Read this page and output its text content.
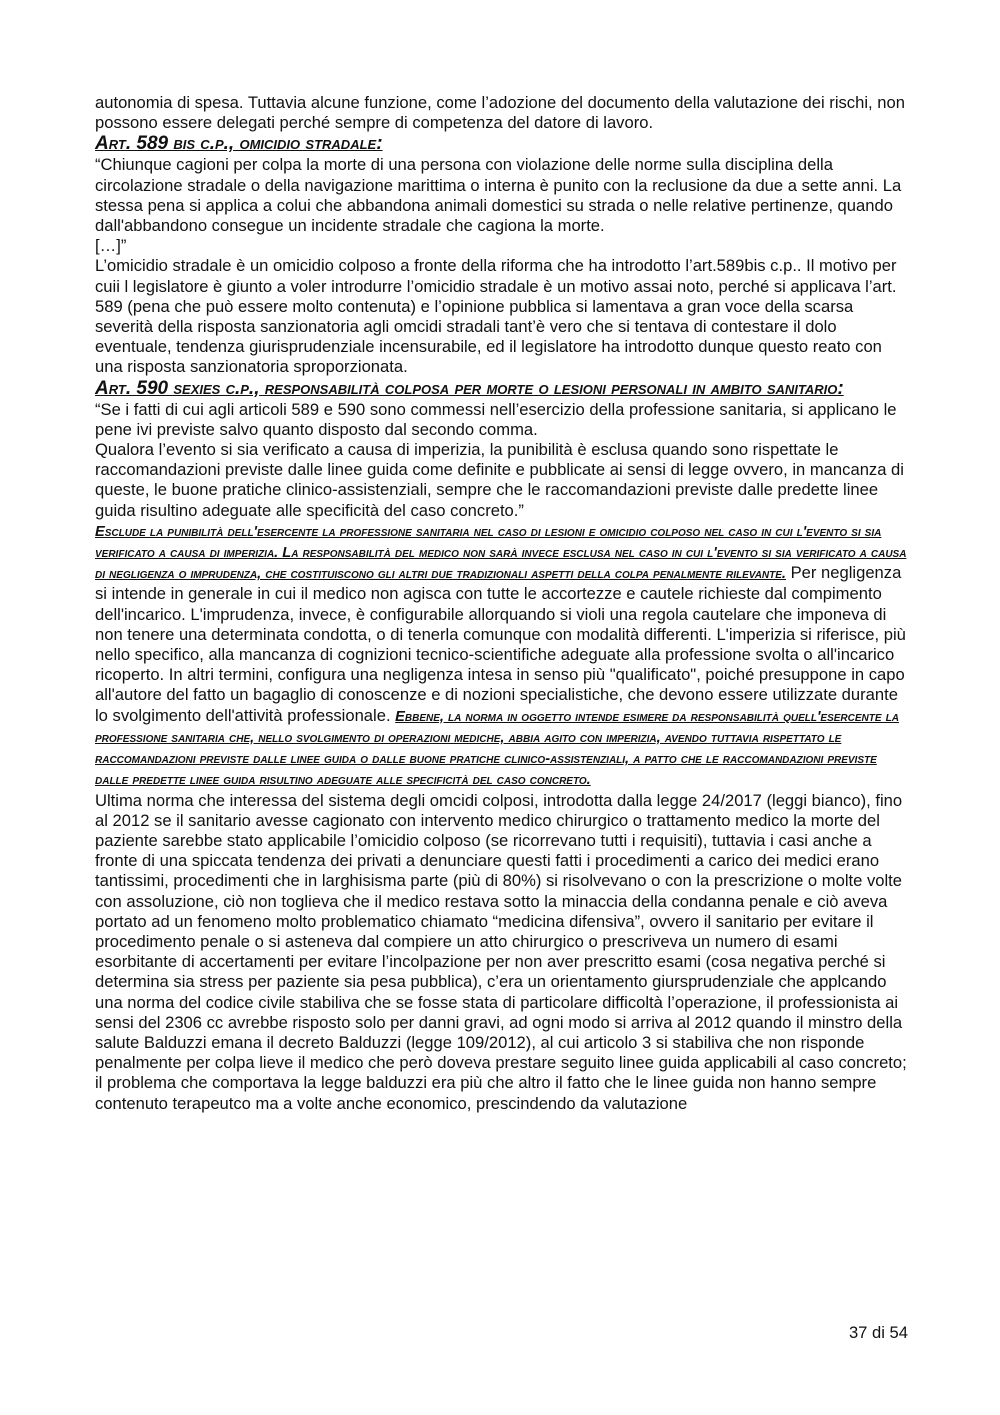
autonomia di spesa. Tuttavia alcune funzione, come l’adozione del documento della valutazione dei rischi, non possono essere delegati perché sempre di competenza del datore di lavoro.

Art. 589 bis c.p., omicidio stradale:

“Chiunque cagioni per colpa la morte di una persona con violazione delle norme sulla disciplina della circolazione stradale o della navigazione marittima o interna è punito con la reclusione da due a sette anni. La stessa pena si applica a colui che abbandona animali domestici su strada o nelle relative pertinenze, quando dall'abbandono consegue un incidente stradale che cagiona la morte.

[…]”

L’omicidio stradale è un omicidio colposo a fronte della riforma che ha introdotto l’art.589bis c.p.. Il motivo per cuii l legislatore è giunto a voler introdurre l’omicidio stradale è un motivo assai noto, perché si applicava l’art. 589 (pena che può essere molto contenuta) e l’opinione pubblica si lamentava a gran voce della scarsa severità della risposta sanzionatoria agli omcidi stradali tant’è vero che si tentava di contestare il dolo eventuale, tendenza giurisprudenziale incensurabile, ed il legislatore ha introdotto dunque questo reato con una risposta sanzionatoria sproporzionata.

Art. 590 sexies c.p., responsabilità colposa per morte o lesioni personali in ambito sanitario:

“Se i fatti di cui agli articoli 589 e 590 sono commessi nell’esercizio della professione sanitaria, si applicano le pene ivi previste salvo quanto disposto dal secondo comma.

Qualora l’evento si sia verificato a causa di imperizia, la punibilità è esclusa quando sono rispettate le raccomandazioni previste dalle linee guida come definite e pubblicate ai sensi di legge ovvero, in mancanza di queste, le buone pratiche clinico-assistenziali, sempre che le raccomandazioni previste dalle predette linee guida risultino adeguate alle specificità del caso concreto.”

Esclude la punibilità dell'esercente la professione sanitaria nel caso di lesioni e omicidio colposo nel caso in cui l'evento si sia verificato a causa di imperizia. La responsabilità del medico non sarà invece esclusa nel caso in cui l'evento si sia verificato a causa di negligenza o imprudenza, che costituiscono gli altri due tradizionali aspetti della colpa penalmente rilevante. Per negligenza si intende in generale in cui il medico non agisca con tutte le accortezze e cautele richieste dal compimento dell'incarico. L'imprudenza, invece, è configurabile allorquando si violi una regola cautelare che imponeva di non tenere una determinata condotta, o di tenerla comunque con modalità differenti. L'imperizia si riferisce, più nello specifico, alla mancanza di cognizioni tecnico-scientifiche adeguate alla professione svolta o all'incarico ricoperto. In altri termini, configura una negligenza intesa in senso più "qualificato", poiché presuppone in capo all'autore del fatto un bagaglio di conoscenze e di nozioni specialistiche, che devono essere utilizzate durante lo svolgimento dell'attività professionale. Ebbene, la norma in oggetto intende esimere da responsabilità quell'esercente la professione sanitaria che, nello svolgimento di operazioni mediche, abbia agito con imperizia, avendo tuttavia rispettato le raccomandazioni previste dalle linee guida o dalle buone pratiche clinico-assistenziali, a patto che le raccomandazioni previste dalle predette linee guida risultino adeguate alle specificità del caso concreto.

Ultima norma che interessa del sistema degli omcidi colposi, introdotta dalla legge 24/2017 (leggi bianco), fino al 2012 se il sanitario avesse cagionato con intervento medico chirurgico o trattamento medico la morte del paziente sarebbe stato applicabile l’omicidio colposo (se ricorrevano tutti i requisiti), tuttavia i casi anche a fronte di una spiccata tendenza dei privati a denunciare questi fatti i procedimenti a carico dei medici erano tantissimi, procedimenti che in larghisisma parte (più di 80%) si risolvevano o con la prescrizione o molte volte con assoluzione, ciò non toglieva che il medico restava sotto la minaccia della condanna penale e ciò aveva portato ad un fenomeno molto problematico chiamato “medicina difensiva”, ovvero il sanitario per evitare il procedimento penale o si asteneva dal compiere un atto chirurgico o prescriveva un numero di esami esorbitante di accertamenti per evitare l’incolpazione per non aver prescritto esami (cosa negativa perché si determina sia stress per paziente sia pesa pubblica), c’era un orientamento giursprudenziale che applcando una norma del codice civile stabiliva che se fosse stata di particolare difficoltà l’operazione, il professionista ai sensi del 2306 cc avrebbe risposto solo per danni gravi, ad ogni modo si arriva al 2012 quando il minstro della salute Balduzzi emana il decreto Balduzzi (legge 109/2012), al cui articolo 3 si stabiliva che non risponde penalmente per colpa lieve il medico che però doveva prestare seguito linee guida applicabili al caso concreto; il problema che comportava la legge balduzzi era più che altro il fatto che le linee guida non hanno sempre contenuto terapeutco ma a volte anche economico, prescindendo da valutazione

37 di 54
